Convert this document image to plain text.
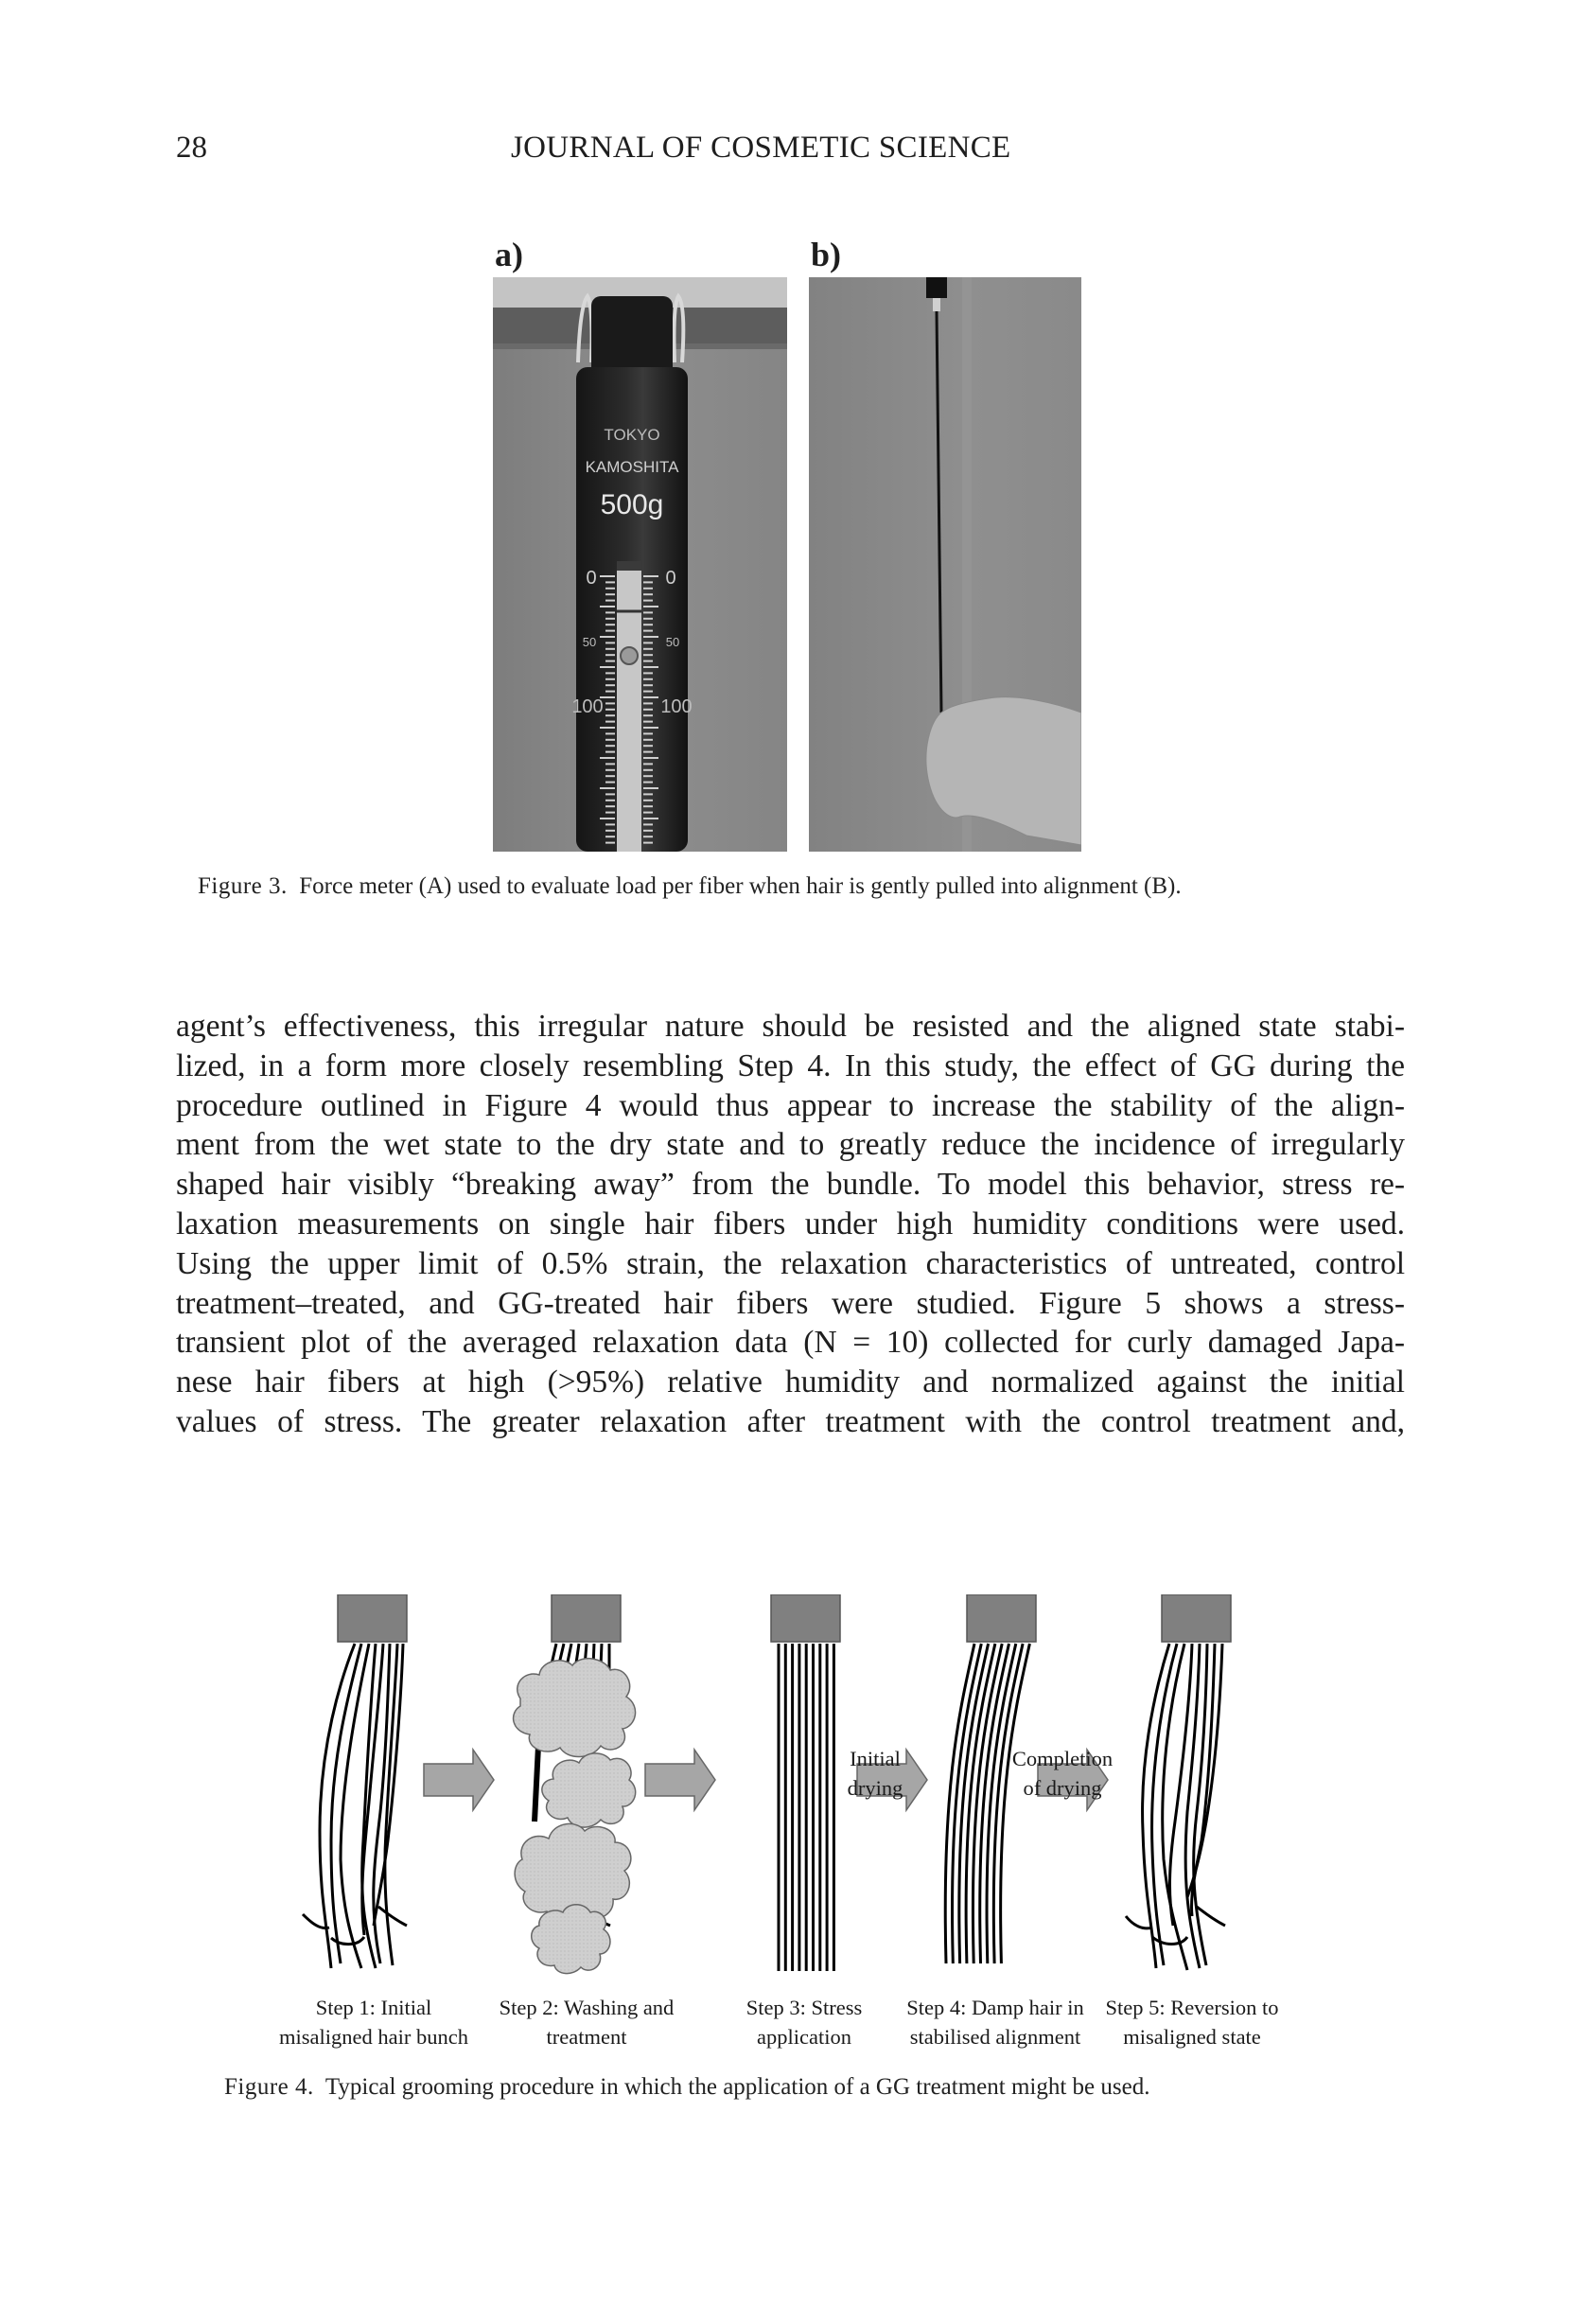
28	JOURNAL OF COSMETIC SCIENCE
a)	b)
TOKYO
KAMOSHITA
500g
0	0
50	50
100	100
Figure 3. Force meter (A) used to evaluate load per fiber when hair is gently pulled into alignment (B).
agent’s effectiveness, this irregular nature should be resisted and the aligned state stabi-
lized, in a form more closely resembling Step 4. In this study, the effect of GG during the
procedure outlined in Figure 4 would thus appear to increase the stability of the align-
ment from the wet state to the dry state and to greatly reduce the incidence of irregularly
shaped hair visibly “breaking away” from the bundle. To model this behavior, stress re-
laxation measurements on single hair fibers under high humidity conditions were used.
Using the upper limit of 0.5% strain, the relaxation characteristics of untreated, control
treatment–treated, and GG-treated hair fibers were studied. Figure 5 shows a stress-
transient plot of the averaged relaxation data (N = 10) collected for curly damaged Japa-
nese hair fibers at high (>95%) relative humidity and normalized against the initial
values of stress. The greater relaxation after treatment with the control treatment and,
Initial
drying
Completion
of drying
Step 1: Initial
misaligned hair bunch
Step 2: Washing and
treatment
Step 3: Stress
application
Step 4: Damp hair in
stabilised alignment
Step 5: Reversion to
misaligned state
Figure 4. Typical grooming procedure in which the application of a GG treatment might be used.
